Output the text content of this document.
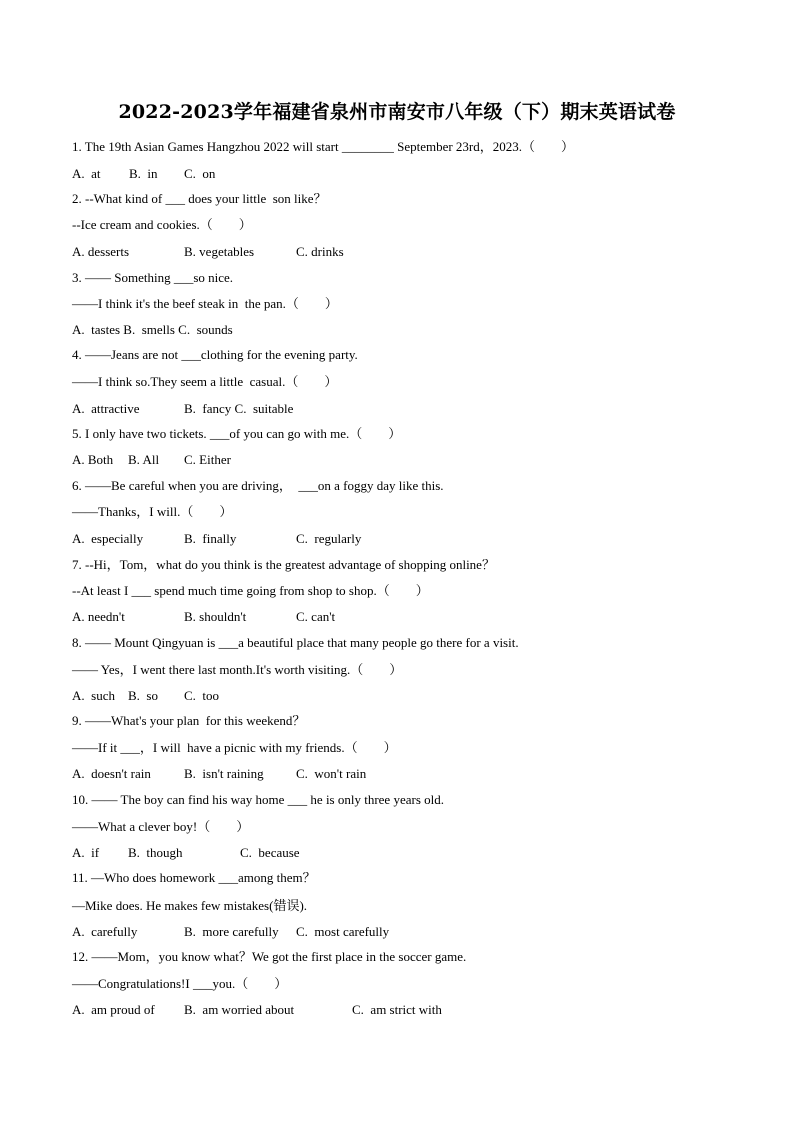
2022-2023学年福建省泉州市南安市八年级（下）期末英语试卷
1. The 19th Asian Games Hangzhou 2022 will start ________ September 23rd，2023.（　　）
A.  at B.  in C.  on
2. --What kind of ___ does your little  son like？
--Ice cream and cookies.（　　）
A. desserts	B. vegetables	C. drinks
3. —— Something ___so nice.
——I think it's the beef steak in  the pan.（　　）
A.  tastes B.  smells C.  sounds
4. ——Jeans are not ___clothing for the evening party.
——I think so.They seem a little  casual.（　　）
A.  attractive	B.  fancy C.  suitable
5. I only have two tickets. ___of you can go with me.（　　）
A. Both B. All C. Either
6. ——Be careful when you are driving，  ___on a foggy day like this.
——Thanks，I will.（　　）
A.  especially	B.  finally	C.  regularly
7. --Hi，Tom，what do you think is the greatest advantage of shopping online？
--At least I ___ spend much time going from shop to shop.（　　）
A. needn't	B. shouldn't	C. can't
8. —— Mount Qingyuan is ___a beautiful place that many people go there for a visit.
—— Yes，I went there last month.It's worth visiting.（　　）
A.  such B.  so C.  too
9. ——What's your plan  for this weekend？
——If it ___，I will  have a picnic with my friends.（　　）
A.  doesn't rain	B.  isn't raining C.  won't rain
10. —— The boy can find his way home ___ he is only three years old.
——What a clever boy!（　　）
A.  if B.  though	C.  because
11. —Who does homework ___among them？
—Mike does. He makes few mistakes(错误).
A.  carefully	B.  more carefully C.  most carefully
12. ——Mom，you know what？We got the first place in the soccer game.
——Congratulations!I ___you.（　　）
A.  am proud of B.  am worried about	C.  am strict with
